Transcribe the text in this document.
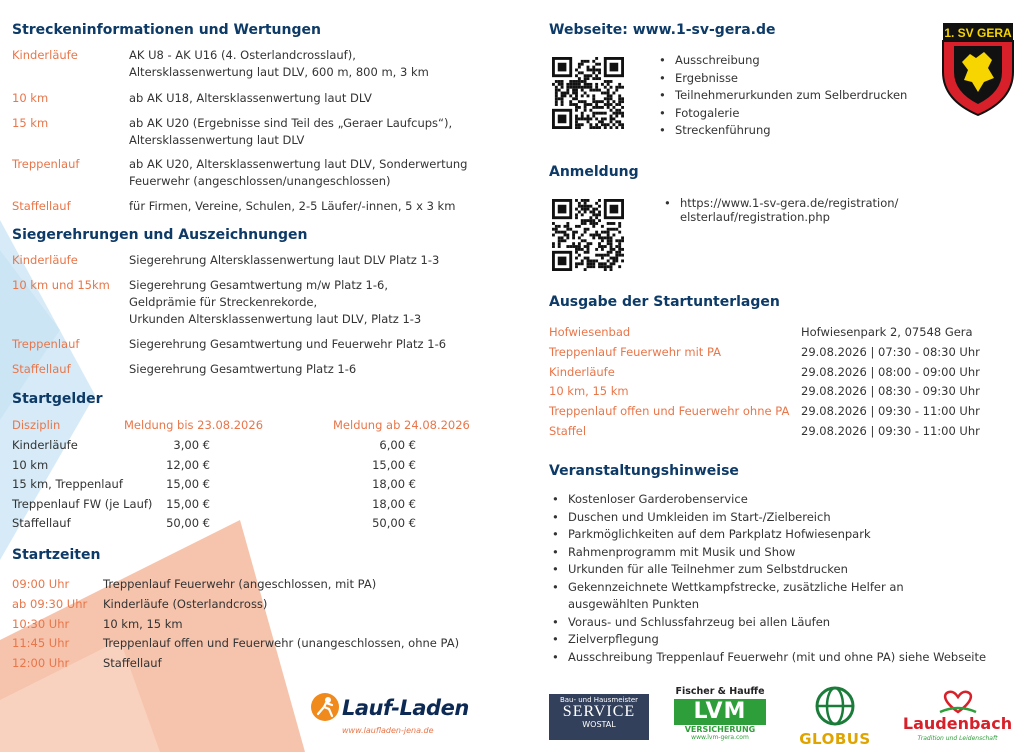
Streckeninformationen und Wertungen
Kinderläufe	AK U8 - AK U16 (4. Osterlandcrosslauf),
Altersklassenwertung laut DLV, 600 m, 800 m, 3 km
10 km	ab AK U18, Altersklassenwertung laut DLV
15 km	ab AK U20 (Ergebnisse sind Teil des „Geraer Laufcups“),
Altersklassenwertung laut DLV
Treppenlauf	ab AK U20, Altersklassenwertung laut DLV, Sonderwertung
Feuerwehr (angeschlossen/unangeschlossen)
Staffellauf	für Firmen, Vereine, Schulen, 2-5 Läufer/-innen, 5 x 3 km
Siegerehrungen und Auszeichnungen
Kinderläufe	Siegerehrung Altersklassenwertung laut DLV Platz 1-3
10 km und 15km Siegerehrung Gesamtwertung m/w Platz 1-6,
Geldprämie für Streckenrekorde,
Urkunden Altersklassenwertung laut DLV, Platz 1-3
Treppenlauf	Siegerehrung Gesamtwertung und Feuerwehr Platz 1-6
Staffellauf	Siegerehrung Gesamtwertung Platz 1-6
Startgelder
Disziplin	Meldung bis 23.08.2026	Meldung ab 24.08.2026
Kinderläufe	3,00 €	6,00 €
10 km	12,00 €	15,00 €
15 km, Treppenlauf	15,00 €	18,00 €
Treppenlauf FW (je Lauf)	15,00 €	18,00 €
Staffellauf	50,00 €	50,00 €
Startzeiten
09:00 Uhr	Treppenlauf Feuerwehr (angeschlossen, mit PA)
ab 09:30 Uhr Kinderläufe (Osterlandcross)
10:30 Uhr	10 km, 15 km
11:45 Uhr	Treppenlauf offen und Feuerwehr (unangeschlossen, ohne PA)
12:00 Uhr	Staffellauf
Lauf-Laden
www.laufladen-jena.de
Webseite: www.1-sv-gera.de
• Ausschreibung
• Ergebnisse
• Teilnehmerurkunden zum Selberdrucken
• Fotogalerie
• Streckenführung
1. SV GERA
Anmeldung
• https://www.1-sv-gera.de/registration/
elsterlauf/registration.php
Ausgabe der Startunterlagen
Hofwiesenbad	Hofwiesenpark 2, 07548 Gera
Treppenlauf Feuerwehr mit PA	29.08.2026 | 07:30 - 08:30 Uhr
Kinderläufe	29.08.2026 | 08:00 - 09:00 Uhr
10 km, 15 km	29.08.2026 | 08:30 - 09:30 Uhr
Treppenlauf offen und Feuerwehr ohne PA 29.08.2026 | 09:30 - 11:00 Uhr
Staffel	29.08.2026 | 09:30 - 11:00 Uhr
Veranstaltungshinweise
• Kostenloser Garderobenservice
• Duschen und Umkleiden im Start-/Zielbereich
• Parkmöglichkeiten auf dem Parkplatz Hofwiesenpark
• Rahmenprogramm mit Musik und Show
• Urkunden für alle Teilnehmer zum Selbstdrucken
• Gekennzeichnete Wettkampfstrecke, zusätzliche Helfer an
ausgewählten Punkten
• Voraus- und Schlussfahrzeug bei allen Läufen
• Zielverpflegung
• Ausschreibung Treppenlauf Feuerwehr (mit und ohne PA) siehe Webseite
Bau- und Hausmeister
SERVICE
WOSTAL
Fischer & Hauffe
LVM
VERSICHERUNG
www.lvm-gera.com	GLOBUS
Laudenbach
Tradition und Leidenschaft
